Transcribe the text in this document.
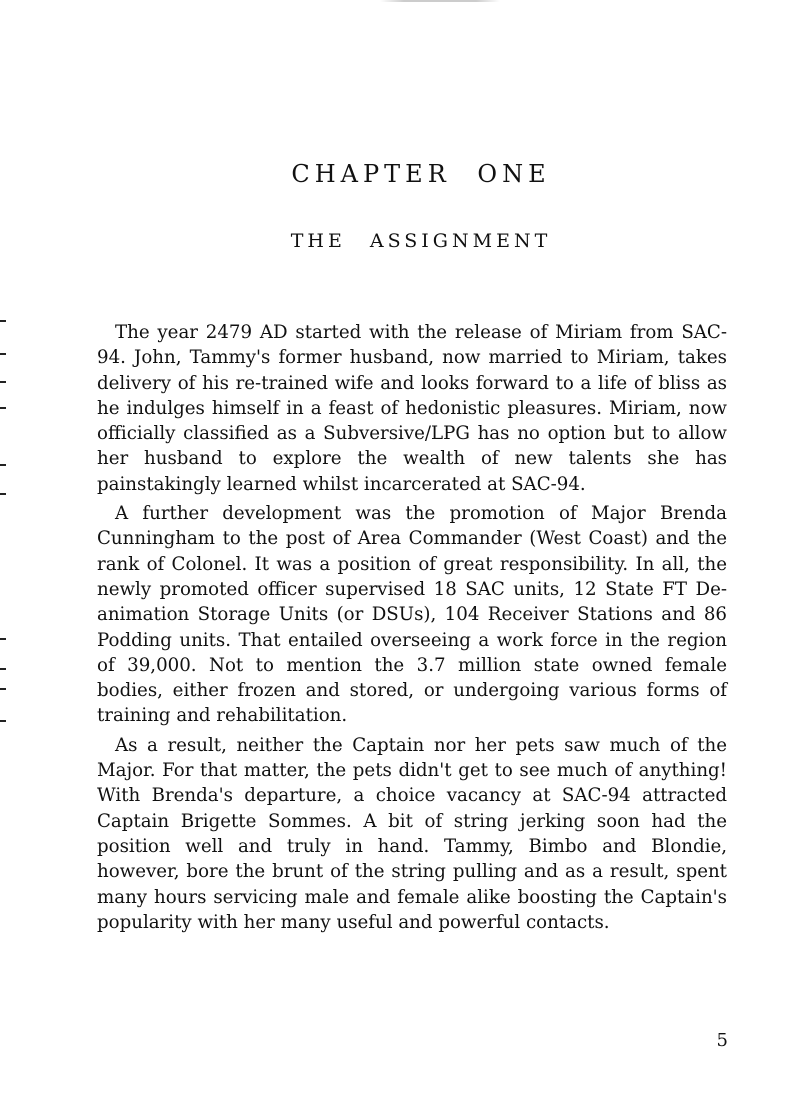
CHAPTER ONE
THE ASSIGNMENT

The year 2479 AD started with the release of Miriam from SAC-94. John, Tammy's former husband, now married to Miriam, takes delivery of his re-trained wife and looks forward to a life of bliss as he indulges himself in a feast of hedonistic pleasures. Miriam, now officially classified as a Subversive/LPG has no option but to allow her husband to explore the wealth of new talents she has painstakingly learned whilst incarcerated at SAC-94.

A further development was the promotion of Major Brenda Cunningham to the post of Area Commander (West Coast) and the rank of Colonel. It was a position of great responsibility. In all, the newly promoted officer supervised 18 SAC units, 12 State FT De-animation Storage Units (or DSUs), 104 Receiver Stations and 86 Podding units. That entailed overseeing a work force in the region of 39,000. Not to mention the 3.7 million state owned female bodies, either frozen and stored, or undergoing various forms of training and rehabilitation.

As a result, neither the Captain nor her pets saw much of the Major. For that matter, the pets didn't get to see much of anything! With Brenda's departure, a choice vacancy at SAC-94 attracted Captain Brigette Sommes. A bit of string jerking soon had the position well and truly in hand. Tammy, Bimbo and Blondie, however, bore the brunt of the string pulling and as a result, spent many hours servicing male and female alike boosting the Captain's popularity with her many useful and powerful contacts.

5
